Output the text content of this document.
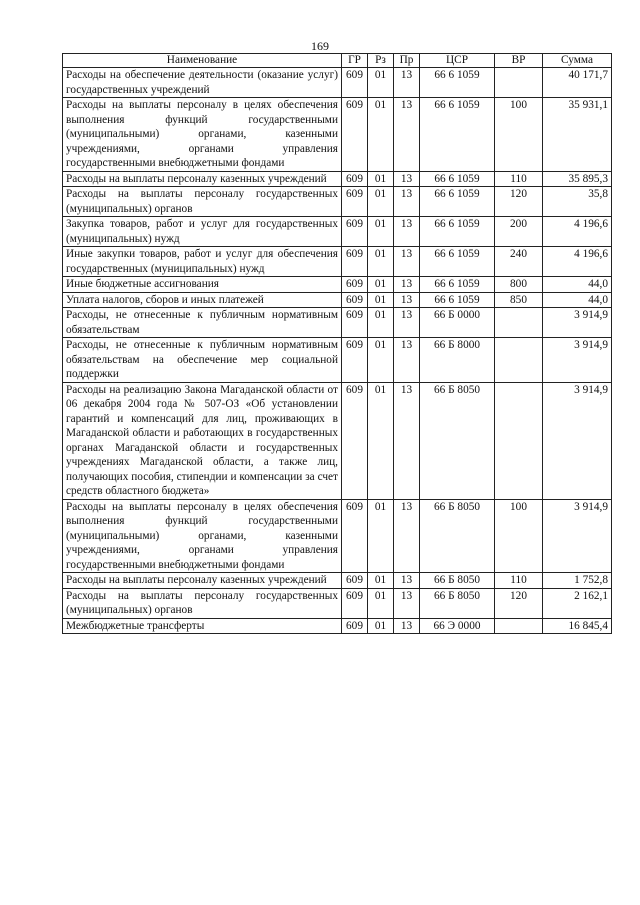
169
Наименование	ГР	Рз	Пр	ЦСР	ВР	Сумма
Расходы на обеспечение деятельности (оказание услуг) государственных учреждений	609	01	13	66 6 1059		40 171,7
Расходы на выплаты персоналу в целях обеспечения выполнения функций государственными (муниципальными) органами, казенными учреждениями, органами управления государственными внебюджетными фондами	609	01	13	66 6 1059	100	35 931,1
Расходы на выплаты персоналу казенных учреждений	609	01	13	66 6 1059	110	35 895,3
Расходы на выплаты персоналу государственных (муниципальных) органов	609	01	13	66 6 1059	120	35,8
Закупка товаров, работ и услуг для государственных (муниципальных) нужд	609	01	13	66 6 1059	200	4 196,6
Иные закупки товаров, работ и услуг для обеспечения государственных (муниципальных) нужд	609	01	13	66 6 1059	240	4 196,6
Иные бюджетные ассигнования	609	01	13	66 6 1059	800	44,0
Уплата налогов, сборов и иных платежей	609	01	13	66 6 1059	850	44,0
Расходы, не отнесенные к публичным нормативным обязательствам	609	01	13	66 Б 0000		3 914,9
Расходы, не отнесенные к публичным нормативным обязательствам на обеспечение мер социальной поддержки	609	01	13	66 Б 8000		3 914,9
Расходы на реализацию Закона Магаданской области от 06 декабря 2004 года № 507-ОЗ «Об установлении гарантий и компенсаций для лиц, проживающих в Магаданской области и работающих в государственных органах Магаданской области и государственных учреждениях Магаданской области, а также лиц, получающих пособия, стипендии и компенсации за счет средств областного бюджета»	609	01	13	66 Б 8050		3 914,9
Расходы на выплаты персоналу в целях обеспечения выполнения функций государственными (муниципальными) органами, казенными учреждениями, органами управления государственными внебюджетными фондами	609	01	13	66 Б 8050	100	3 914,9
Расходы на выплаты персоналу казенных учреждений	609	01	13	66 Б 8050	110	1 752,8
Расходы на выплаты персоналу государственных (муниципальных) органов	609	01	13	66 Б 8050	120	2 162,1
Межбюджетные трансферты	609	01	13	66 Э 0000		16 845,4
